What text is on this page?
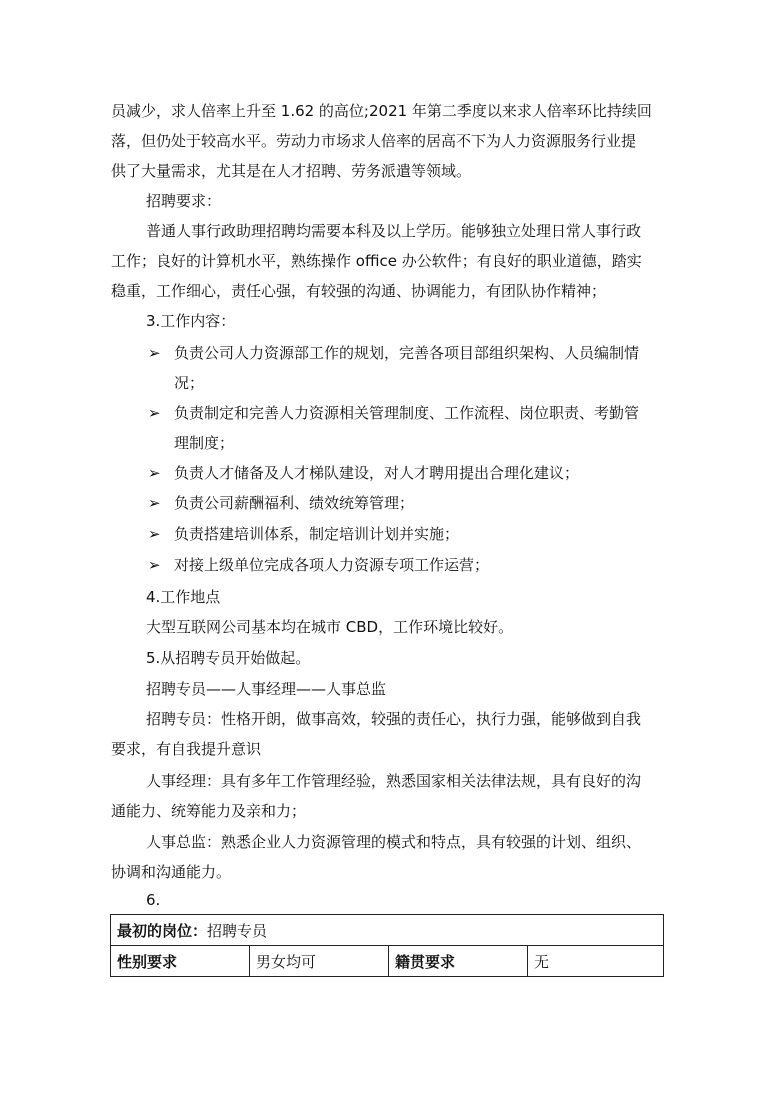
员减少，求人倍率上升至 1.62 的高位;2021 年第二季度以来求人倍率环比持续回

落，但仍处于较高水平。劳动力市场求人倍率的居高不下为人力资源服务行业提

供了大量需求，尤其是在人才招聘、劳务派遣等领域。

招聘要求：

普通人事行政助理招聘均需要本科及以上学历。能够独立处理日常人事行政

工作；良好的计算机水平，熟练操作 office 办公软件；有良好的职业道德，踏实

稳重，工作细心，责任心强，有较强的沟通、协调能力，有团队协作精神；

3.工作内容：

➢ 负责公司人力资源部工作的规划，完善各项目部组织架构、人员编制情
况；
➢ 负责制定和完善人力资源相关管理制度、工作流程、岗位职责、考勤管
理制度；
➢ 负责人才储备及人才梯队建设，对人才聘用提出合理化建议；
➢ 负责公司薪酬福利、绩效统筹管理；
➢ 负责搭建培训体系，制定培训计划并实施；
➢ 对接上级单位完成各项人力资源专项工作运营；

4.工作地点

大型互联网公司基本均在城市 CBD，工作环境比较好。

5.从招聘专员开始做起。

招聘专员——人事经理——人事总监

招聘专员：性格开朗，做事高效，较强的责任心，执行力强，能够做到自我

要求，有自我提升意识

人事经理：具有多年工作管理经验，熟悉国家相关法律法规，具有良好的沟

通能力、统筹能力及亲和力；

人事总监：熟悉企业人力资源管理的模式和特点，具有较强的计划、组织、

协调和沟通能力。

6.

最初的岗位：招聘专员
性别要求	男女均可	籍贯要求	无
